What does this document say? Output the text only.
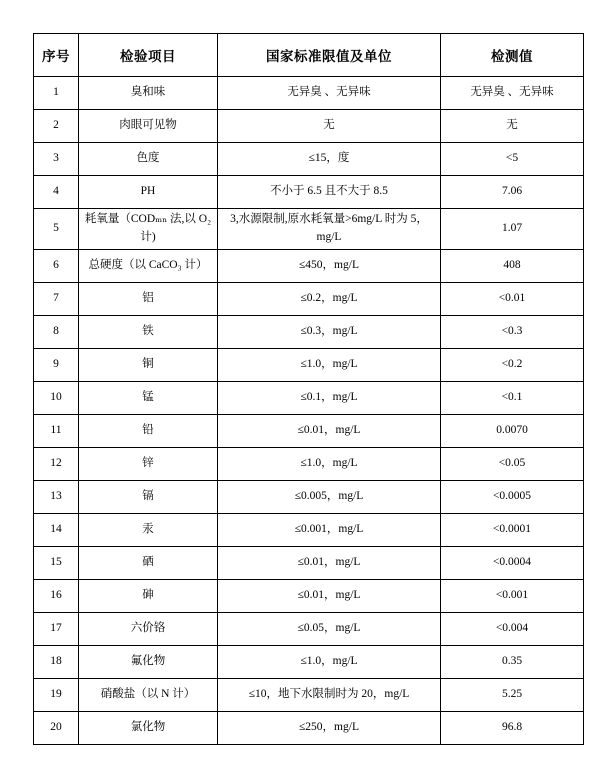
序号	检验项目	国家标准限值及单位	检测值
1	臭和味	无异臭 、无异味	无异臭 、无异味
2	肉眼可见物	无	无
3	色度	≤15，度	<5
4	PH	不小于 6.5 且不大于 8.5	7.06
5	耗氧量（CODₘₙ 法,以 O₂ 计)	3,水源限制,原水耗氧量>6mg/L 时为 5，mg/L	1.07
6	总硬度（以 CaCO₃ 计）	≤450，mg/L	408
7	铝	≤0.2，mg/L	<0.01
8	铁	≤0.3，mg/L	<0.3
9	铜	≤1.0，mg/L	<0.2
10	锰	≤0.1，mg/L	<0.1
11	铅	≤0.01，mg/L	0.0070
12	锌	≤1.0，mg/L	<0.05
13	镉	≤0.005，mg/L	<0.0005
14	汞	≤0.001，mg/L	<0.0001
15	硒	≤0.01，mg/L	<0.0004
16	砷	≤0.01，mg/L	<0.001
17	六价铬	≤0.05，mg/L	<0.004
18	氟化物	≤1.0，mg/L	0.35
19	硝酸盐（以 N 计）	≤10，地下水限制时为 20，mg/L	5.25
20	氯化物	≤250，mg/L	96.8
